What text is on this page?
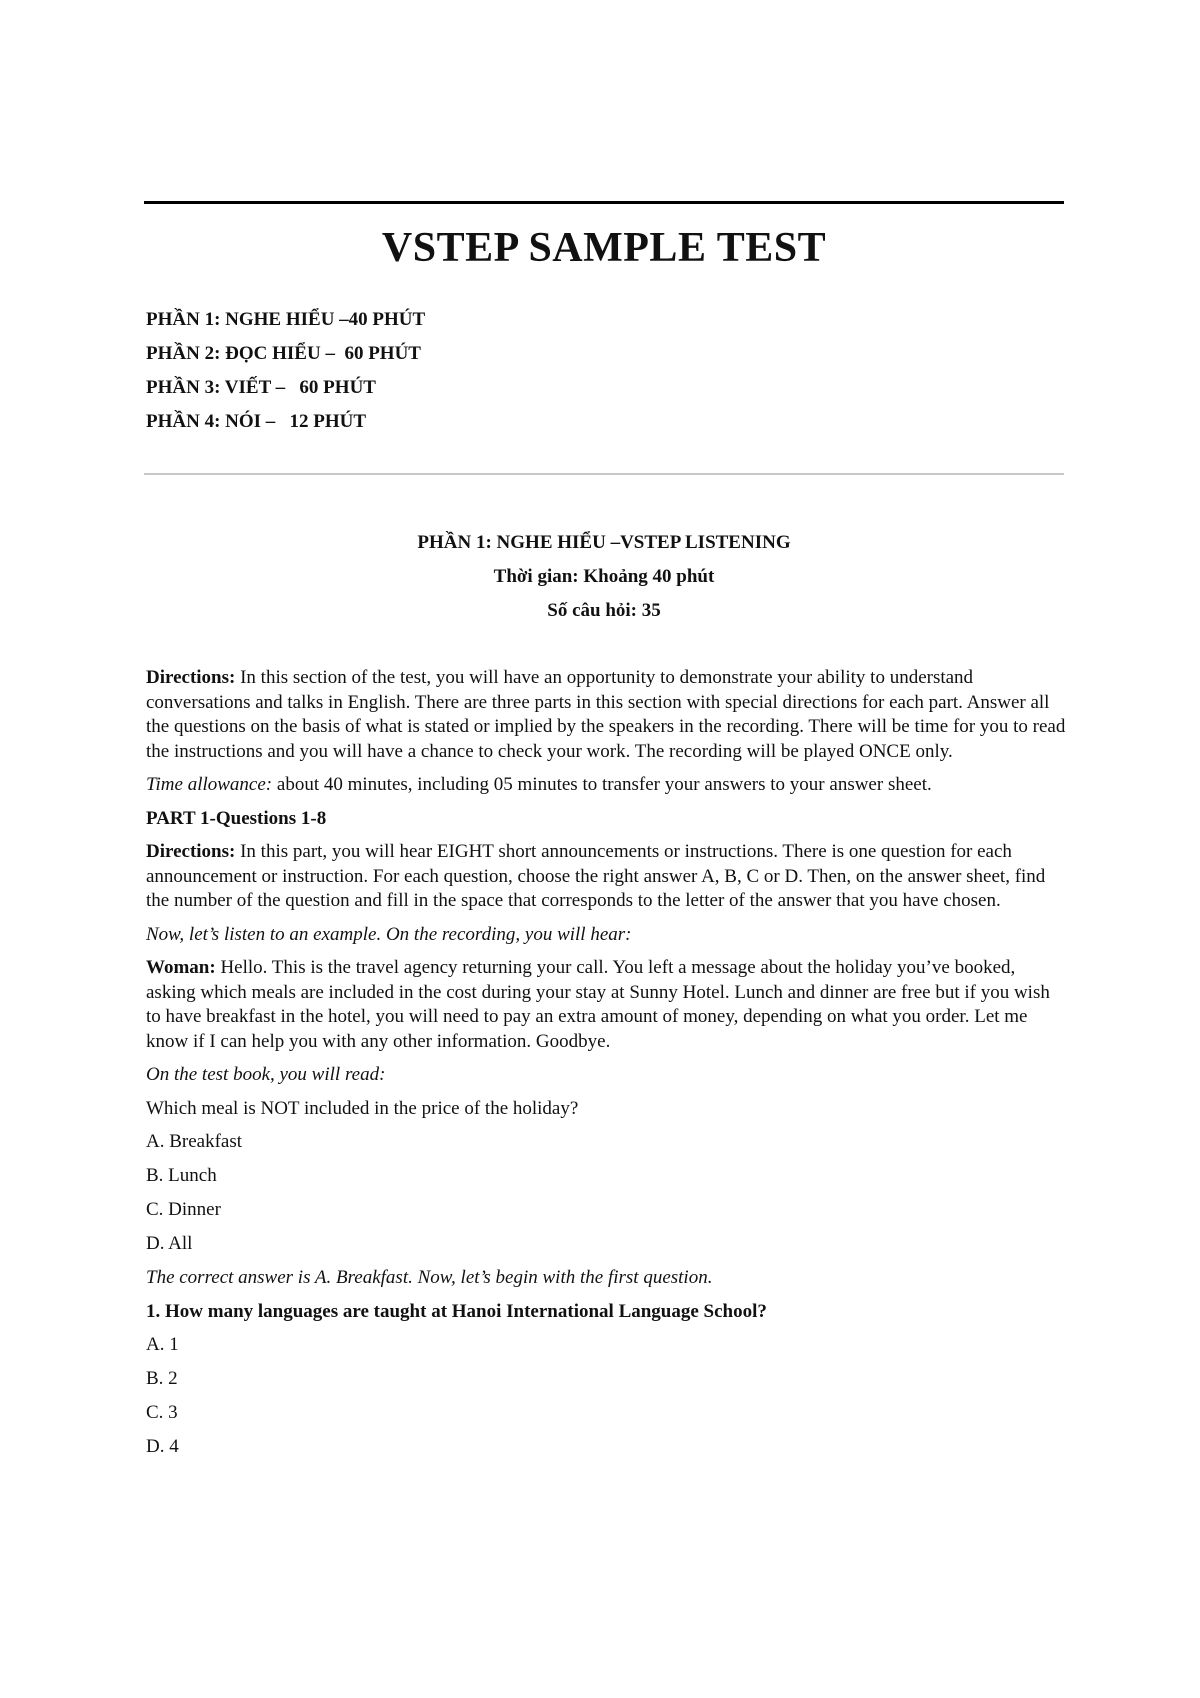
VSTEP SAMPLE TEST
PHẦN 1: NGHE HIỂU –40 PHÚT
PHẦN 2: ĐỌC HIỂU –  60 PHÚT
PHẦN 3: VIẾT –   60 PHÚT
PHẦN 4: NÓI –   12 PHÚT
PHẦN 1: NGHE HIỂU –VSTEP LISTENING
Thời gian: Khoảng 40 phút
Số câu hỏi: 35

Directions: In this section of the test, you will have an opportunity to demonstrate your ability to understand conversations and talks in English. There are three parts in this section with special directions for each part. Answer all the questions on the basis of what is stated or implied by the speakers in the recording. There will be time for you to read the instructions and you will have a chance to check your work. The recording will be played ONCE only.

Time allowance: about 40 minutes, including 05 minutes to transfer your answers to your answer sheet.

PART 1-Questions 1-8

Directions: In this part, you will hear EIGHT short announcements or instructions. There is one question for each announcement or instruction. For each question, choose the right answer A, B, C or D. Then, on the answer sheet, find the number of the question and fill in the space that corresponds to the letter of the answer that you have chosen.

Now, let’s listen to an example. On the recording, you will hear:

Woman: Hello. This is the travel agency returning your call. You left a message about the holiday you’ve booked, asking which meals are included in the cost during your stay at Sunny Hotel. Lunch and dinner are free but if you wish to have breakfast in the hotel, you will need to pay an extra amount of money, depending on what you order. Let me know if I can help you with any other information. Goodbye.

On the test book, you will read:

Which meal is NOT included in the price of the holiday?

A. Breakfast
B. Lunch
C. Dinner
D. All

The correct answer is A. Breakfast. Now, let’s begin with the first question.

1. How many languages are taught at Hanoi International Language School?

A. 1
B. 2
C. 3
D. 4
